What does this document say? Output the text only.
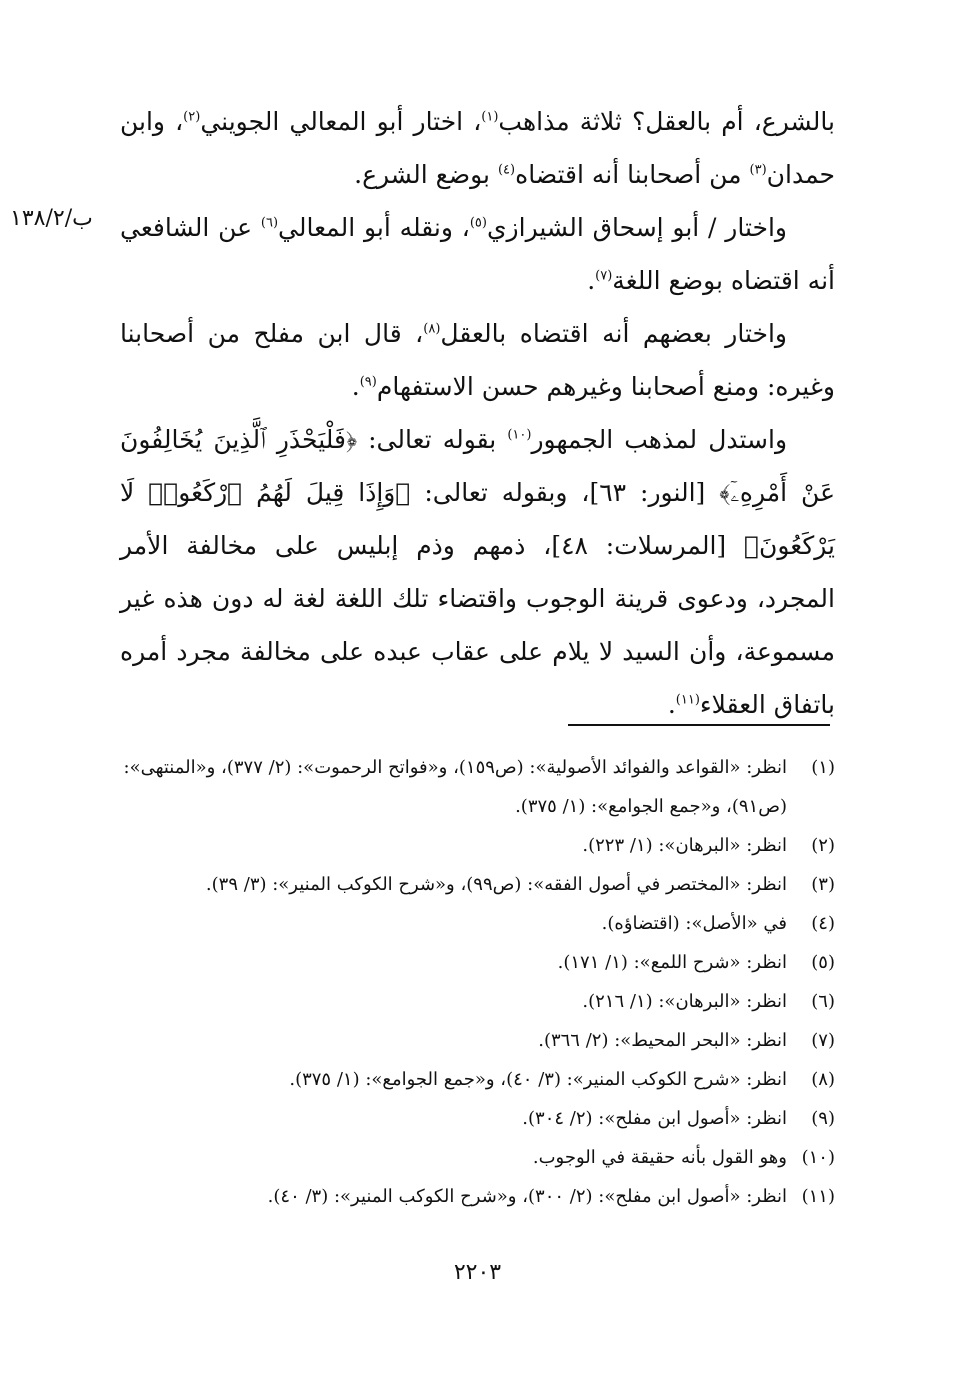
ب/١٣٨/٢

بالشرع، أم بالعقل؟ ثلاثة مذاهب$^{(١)}$، اختار أبو المعالي الجويني$^{(٢)}$، وابن حمدان$^{(٣)}$ من أصحابنا أنه اقتضاه$^{(٤)}$ بوضع الشرع.

واختار / أبو إسحاق الشيرازي$^{(٥)}$، ونقله أبو المعالي$^{(٦)}$ عن الشافعي أنه اقتضاه بوضع اللغة$^{(٧)}$.

واختار بعضهم أنه اقتضاه بالعقل$^{(٨)}$، قال ابن مفلح من أصحابنا وغيره: ومنع أصحابنا وغيرهم حسن الاستفهام$^{(٩)}$.

واستدل لمذهب الجمهور$^{(١٠)}$ بقوله تعالى: ﴿فَلْيَحْذَرِ ٱلَّذِينَ يُخَالِفُونَ عَنْ أَمْرِهِۦٓ﴾ [النور: ٦٣]، وبقوله تعالى: ﴿وَإِذَا قِيلَ لَهُمُ ٱرْكَعُوا۟ لَا يَرْكَعُونَ﴾ [المرسلات: ٤٨]، ذمهم وذم إبليس على مخالفة الأمر المجرد، ودعوى قرينة الوجوب واقتضاء تلك اللغة لغة له دون هذه غير مسموعة، وأن السيد لا يلام على عقاب عبده على مخالفة مجرد أمره باتفاق العقلاء$^{(١١)}$.

(١)
انظر: «القواعد والفوائد الأصولية»: (ص١٥٩)، و«فواتح الرحموت»: (٢/ ٣٧٧)، و«المنتهى»: (ص٩١)، و«جمع الجوامع»: (١/ ٣٧٥).
(٢)
انظر: «البرهان»: (١/ ٢٢٣).
(٣)
انظر: «المختصر في أصول الفقه»: (ص٩٩)، و«شرح الكوكب المنير»: (٣/ ٣٩).
(٤)
في «الأصل»: (اقتضاؤه).
(٥)
انظر: «شرح اللمع»: (١/ ١٧١).
(٦)
انظر: «البرهان»: (١/ ٢١٦).
(٧)
انظر: «البحر المحيط»: (٢/ ٣٦٦).
(٨)
انظر: «شرح الكوكب المنير»: (٣/ ٤٠)، و«جمع الجوامع»: (١/ ٣٧٥).
(٩)
انظر: «أصول ابن مفلح»: (٢/ ٣٠٤).
(١٠)
وهو القول بأنه حقيقة في الوجوب.
(١١)
انظر: «أصول ابن مفلح»: (٢/ ٣٠٠)، و«شرح الكوكب المنير»: (٣/ ٤٠).
٢٢٠٣
